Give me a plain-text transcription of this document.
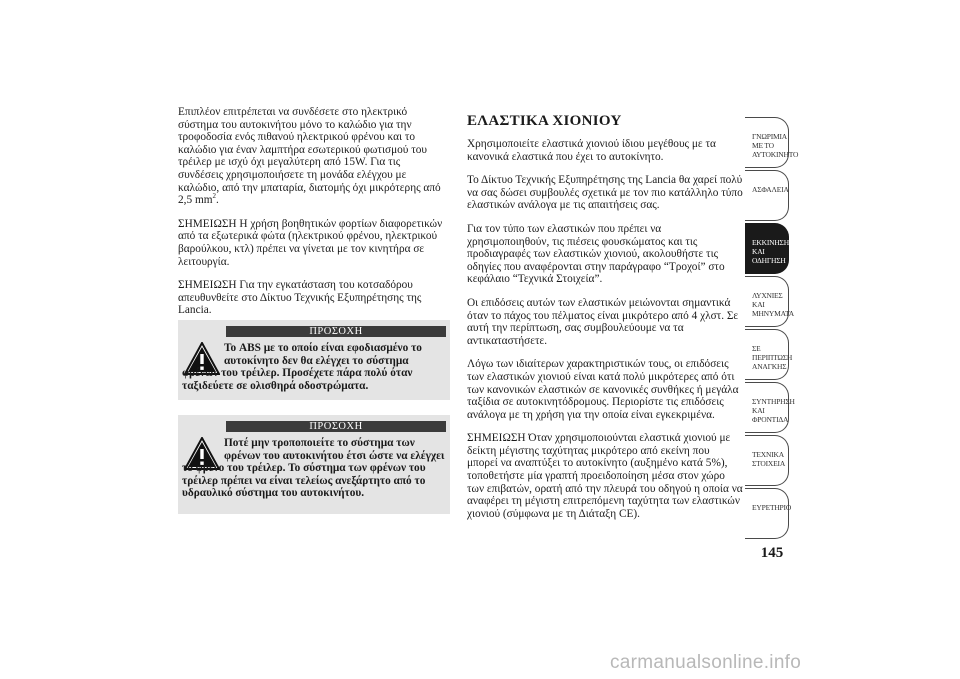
Επιπλέον επιτρέπεται να συνδέσετε στο ηλεκτρικό σύστημα του αυτοκινήτου μόνο το καλώδιο για την τροφοδοσία ενός πιθανού ηλεκτρικού φρένου και το καλώδιο για έναν λαμπτήρα εσωτερικού φωτισμού του τρέιλερ με ισχύ όχι μεγαλύτερη από 15W. Για τις συνδέσεις χρησιμοποιήσετε τη μονάδα ελέγχου με καλώδιο, από την μπαταρία, διατομής όχι μικρότερης από 2,5 $mm^2$.

ΣΗΜΕΙΩΣΗ Η χρήση βοηθητικών φορτίων διαφορετικών από τα εξωτερικά φώτα (ηλεκτρικού φρένου, ηλεκτρικού βαρούλκου, κτλ) πρέπει να γίνεται με τον κινητήρα σε λειτουργία.

ΣΗΜΕΙΩΣΗ Για την εγκατάσταση του κοτσαδόρου απευθυνθείτε στο Δίκτυο Τεχνικής Εξυπηρέτησης της Lancia.

ΠΡΟΣΟΧΗ
Το ABS με το οποίο είναι εφοδιασμένο το αυτοκίνητο δεν θα ελέγχει το σύστημα φρένων του τρέιλερ. Προσέχετε πάρα πολύ όταν ταξιδεύετε σε ολισθηρά οδοστρώματα.
ΠΡΟΣΟΧΗ
Ποτέ μην τροποποιείτε το σύστημα των φρένων του αυτοκινήτου έτσι ώστε να ελέγχει το φρένο του τρέιλερ. Το σύστημα των φρένων του τρέιλερ πρέπει να είναι τελείως ανεξάρτητο από το υδραυλικό σύστημα του αυτοκινήτου.
ΕΛΑΣΤΙΚΑ ΧΙΟΝΙΟΥ

Χρησιμοποιείτε ελαστικά χιονιού ίδιου μεγέθους με τα κανονικά ελαστικά που έχει το αυτοκίνητο.

Το Δίκτυο Τεχνικής Εξυπηρέτησης της Lancia θα χαρεί πολύ να σας δώσει συμβουλές σχετικά με τον πιο κατάλληλο τύπο ελαστικών ανάλογα με τις απαιτήσεις σας.

Για τον τύπο των ελαστικών που πρέπει να χρησιμοποιηθούν, τις πιέσεις φουσκώματος και τις προδιαγραφές των ελαστικών χιονιού, ακολουθήστε τις οδηγίες που αναφέρονται στην παράγραφο “Τροχοί” στο κεφάλαιο “Τεχνικά Στοιχεία”.

Οι επιδόσεις αυτών των ελαστικών μειώνονται σημαντικά όταν το πάχος του πέλματος είναι μικρότερο από 4 χλστ. Σε αυτή την περίπτωση, σας συμβουλεύουμε να τα αντικαταστήσετε.

Λόγω των ιδιαίτερων χαρακτηριστικών τους, οι επιδόσεις των ελαστικών χιονιού είναι κατά πολύ μικρότερες από ότι των κανονικών ελαστικών σε κανονικές συνθήκες ή μεγάλα ταξίδια σε αυτοκινητόδρομους. Περιορίστε τις επιδόσεις ανάλογα με τη χρήση για την οποία είναι εγκεκριμένα.

ΣΗΜΕΙΩΣΗ Όταν χρησιμοποιούνται ελαστικά χιονιού με δείκτη μέγιστης ταχύτητας μικρότερο από εκείνη που μπορεί να αναπτύξει το αυτοκίνητο (αυξημένο κατά 5%), τοποθετήστε μία γραπτή προειδοποίηση μέσα στον χώρο των επιβατών, ορατή από την πλευρά του οδηγού η οποία να αναφέρει τη μέγιστη επιτρεπόμενη ταχύτητα των ελαστικών χιονιού (σύμφωνα με τη Διάταξη CE).

ΓΝΩΡΙΜΙΑ ΜΕ ΤΟ ΑΥΤΟΚΙΝΗΤΟ
ΑΣΦΑΛΕΙΑ
ΕΚΚΙΝΗΣΗ ΚΑΙ ΟΔΗΓΗΣΗ
ΛΥΧΝΙΕΣ ΚΑΙ ΜΗΝΥΜΑΤΑ
ΣΕ ΠΕΡΙΠΤΩΣΗ ΑΝΑΓΚΗΣ
ΣΥΝΤΗΡΗΣΗ ΚΑΙ ΦΡΟΝΤΙΔΑ
ΤΕΧΝΙΚΑ ΣΤΟΙΧΕΙΑ
ΕΥΡΕΤΗΡΙΟ
145
carmanualsonline.info
